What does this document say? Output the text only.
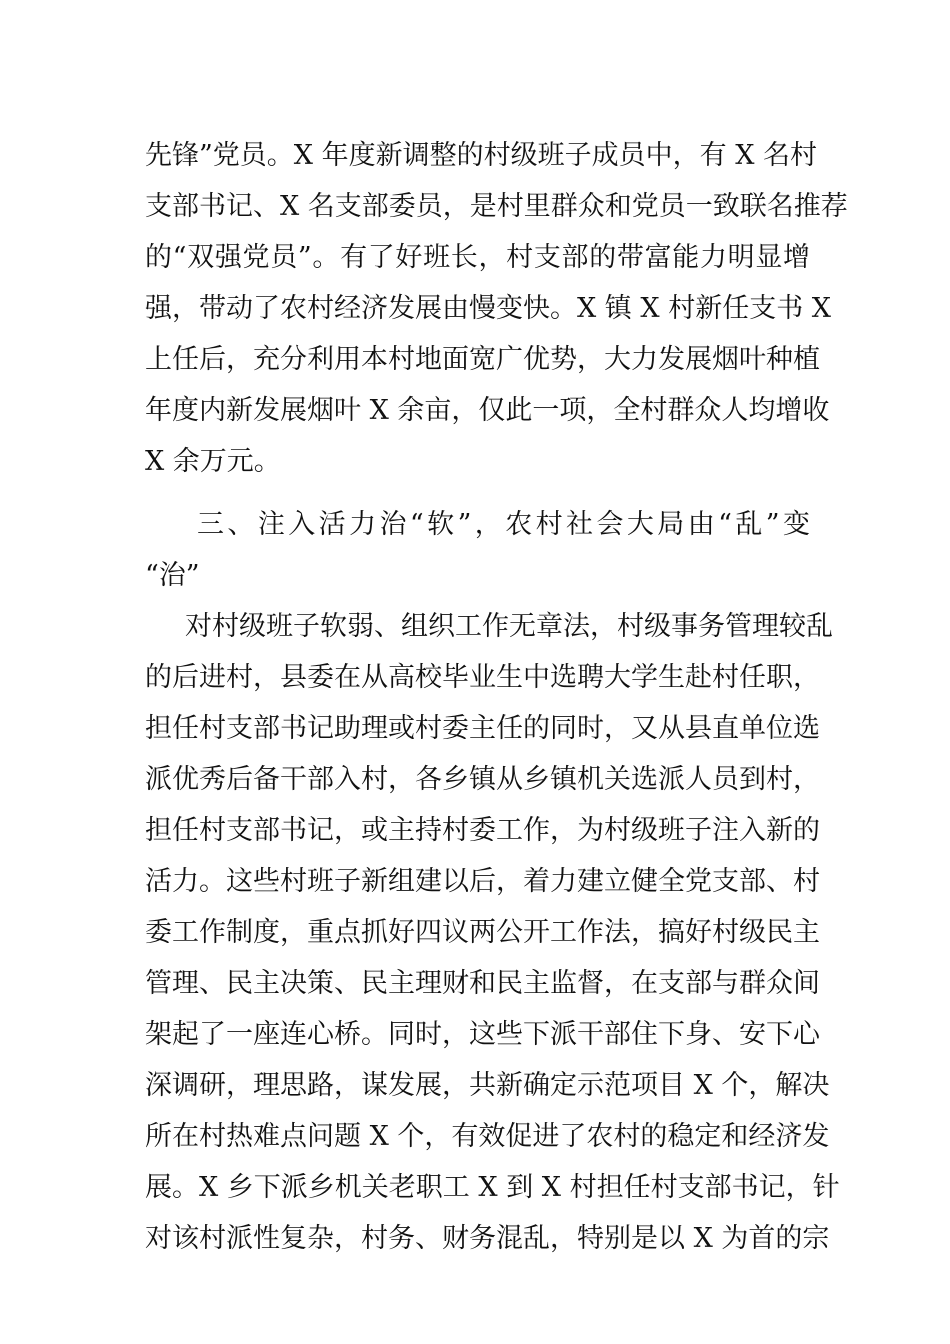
先锋”党员。X 年度新调整的村级班子成员中，有 X 名村
支部书记、X 名支部委员，是村里群众和党员一致联名推荐
的“双强党员”。有了好班长，村支部的带富能力明显增
强，带动了农村经济发展由慢变快。X 镇 X 村新任支书 X
上任后，充分利用本村地面宽广优势，大力发展烟叶种植
年度内新发展烟叶 X 余亩，仅此一项，全村群众人均增收
X 余万元。
三、注入活力治“软”，农村社会大局由“乱”变
“治”
对村级班子软弱、组织工作无章法，村级事务管理较乱
的后进村，县委在从高校毕业生中选聘大学生赴村任职，
担任村支部书记助理或村委主任的同时，又从县直单位选
派优秀后备干部入村，各乡镇从乡镇机关选派人员到村，
担任村支部书记，或主持村委工作，为村级班子注入新的
活力。这些村班子新组建以后，着力建立健全党支部、村
委工作制度，重点抓好四议两公开工作法，搞好村级民主
管理、民主决策、民主理财和民主监督，在支部与群众间
架起了一座连心桥。同时，这些下派干部住下身、安下心
深调研，理思路，谋发展，共新确定示范项目 X 个，解决
所在村热难点问题 X 个，有效促进了农村的稳定和经济发
展。X 乡下派乡机关老职工 X 到 X 村担任村支部书记，针
对该村派性复杂，村务、财务混乱，特别是以 X 为首的宗
